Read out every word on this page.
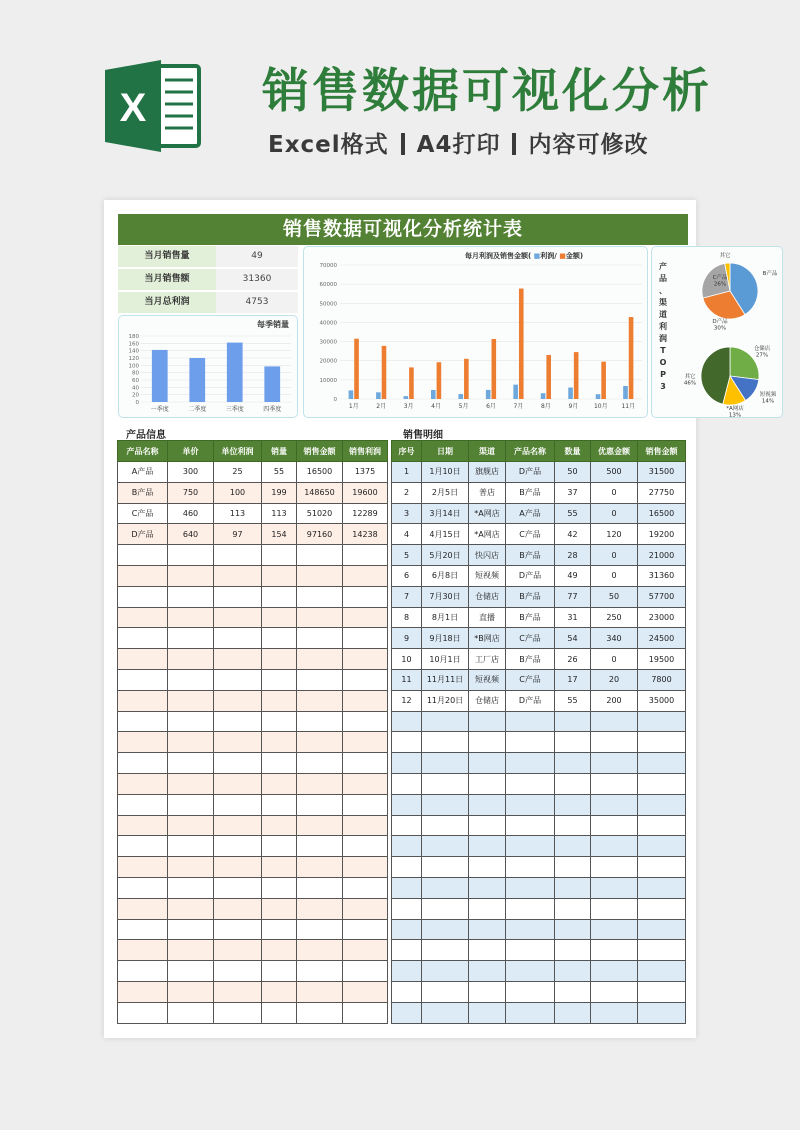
X 销售数据可视化分析
Excel格式 A4打印 内容可修改
销售数据可视化分析统计表
当月销售量	49
当月销售额	31360
当月总利润	4753
每季销量
0
20
40
60
80
100
120
140
160
180
一季度	二季度	三季度	四季度
每月利润及销售金额( ■利润/ ■金额)
0
10000
20000
30000
40000
50000
60000
70000
1月	2月	3月	4月	5月	6月	7月	8月	9月	10月 11月
产
品
、
渠
道
利
润
T
O
P
3
B产品
D产品
30%
C产品
26%
其它
仓储店
27%
短视频
14%
*A网店
13%
其它
46%
产品信息	销售明细
产品名称	单价	单位利润	销量	销售金额	销售利润
A产品	300	25	55	16500	1375
B产品	750	100	199	148650	19600
C产品	460	113	113	51020	12289
D产品	640	97	154	97160	14238

序号	日期	渠道	产品名称	数量	优惠金额	销售金额
1	1月10日	旗舰店	D产品	50	500	31500
2	2月5日	普店	B产品	37	0	27750
3	3月14日	*A网店	A产品	55	0	16500
4	4月15日	*A网店	C产品	42	120	19200
5	5月20日	快闪店	B产品	28	0	21000
6	6月8日	短视频	D产品	49	0	31360
7	7月30日	仓储店	B产品	77	50	57700
8	8月1日	直播	B产品	31	250	23000
9	9月18日	*B网店	C产品	54	340	24500
10	10月1日	工厂店	B产品	26	0	19500
11	11月11日	短视频	C产品	17	20	7800
12	11月20日	仓储店	D产品	55	200	35000
